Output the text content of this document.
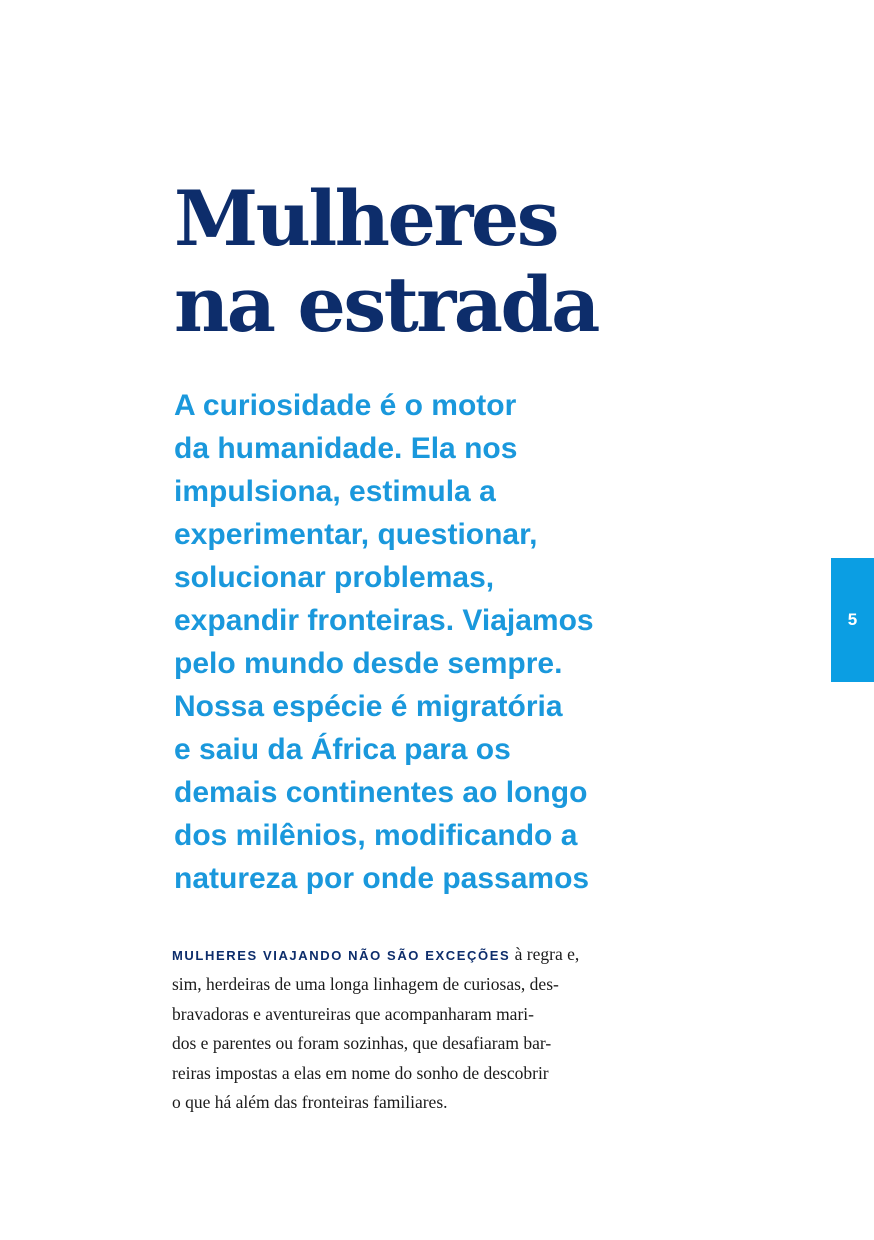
Mulheres
na estrada

A curiosidade é o motor
da humanidade. Ela nos
impulsiona, estimula a
experimentar, questionar,
solucionar problemas,
expandir fronteiras. Viajamos
pelo mundo desde sempre.
Nossa espécie é migratória
e saiu da África para os
demais continentes ao longo
dos milênios, modificando a
natureza por onde passamos

MULHERES VIAJANDO NÃO SÃO EXCEÇÕES à regra e,
sim, herdeiras de uma longa linhagem de curiosas, des-
bravadoras e aventureiras que acompanharam mari-
dos e parentes ou foram sozinhas, que desafiaram bar-
reiras impostas a elas em nome do sonho de descobrir
o que há além das fronteiras familiares.

5
